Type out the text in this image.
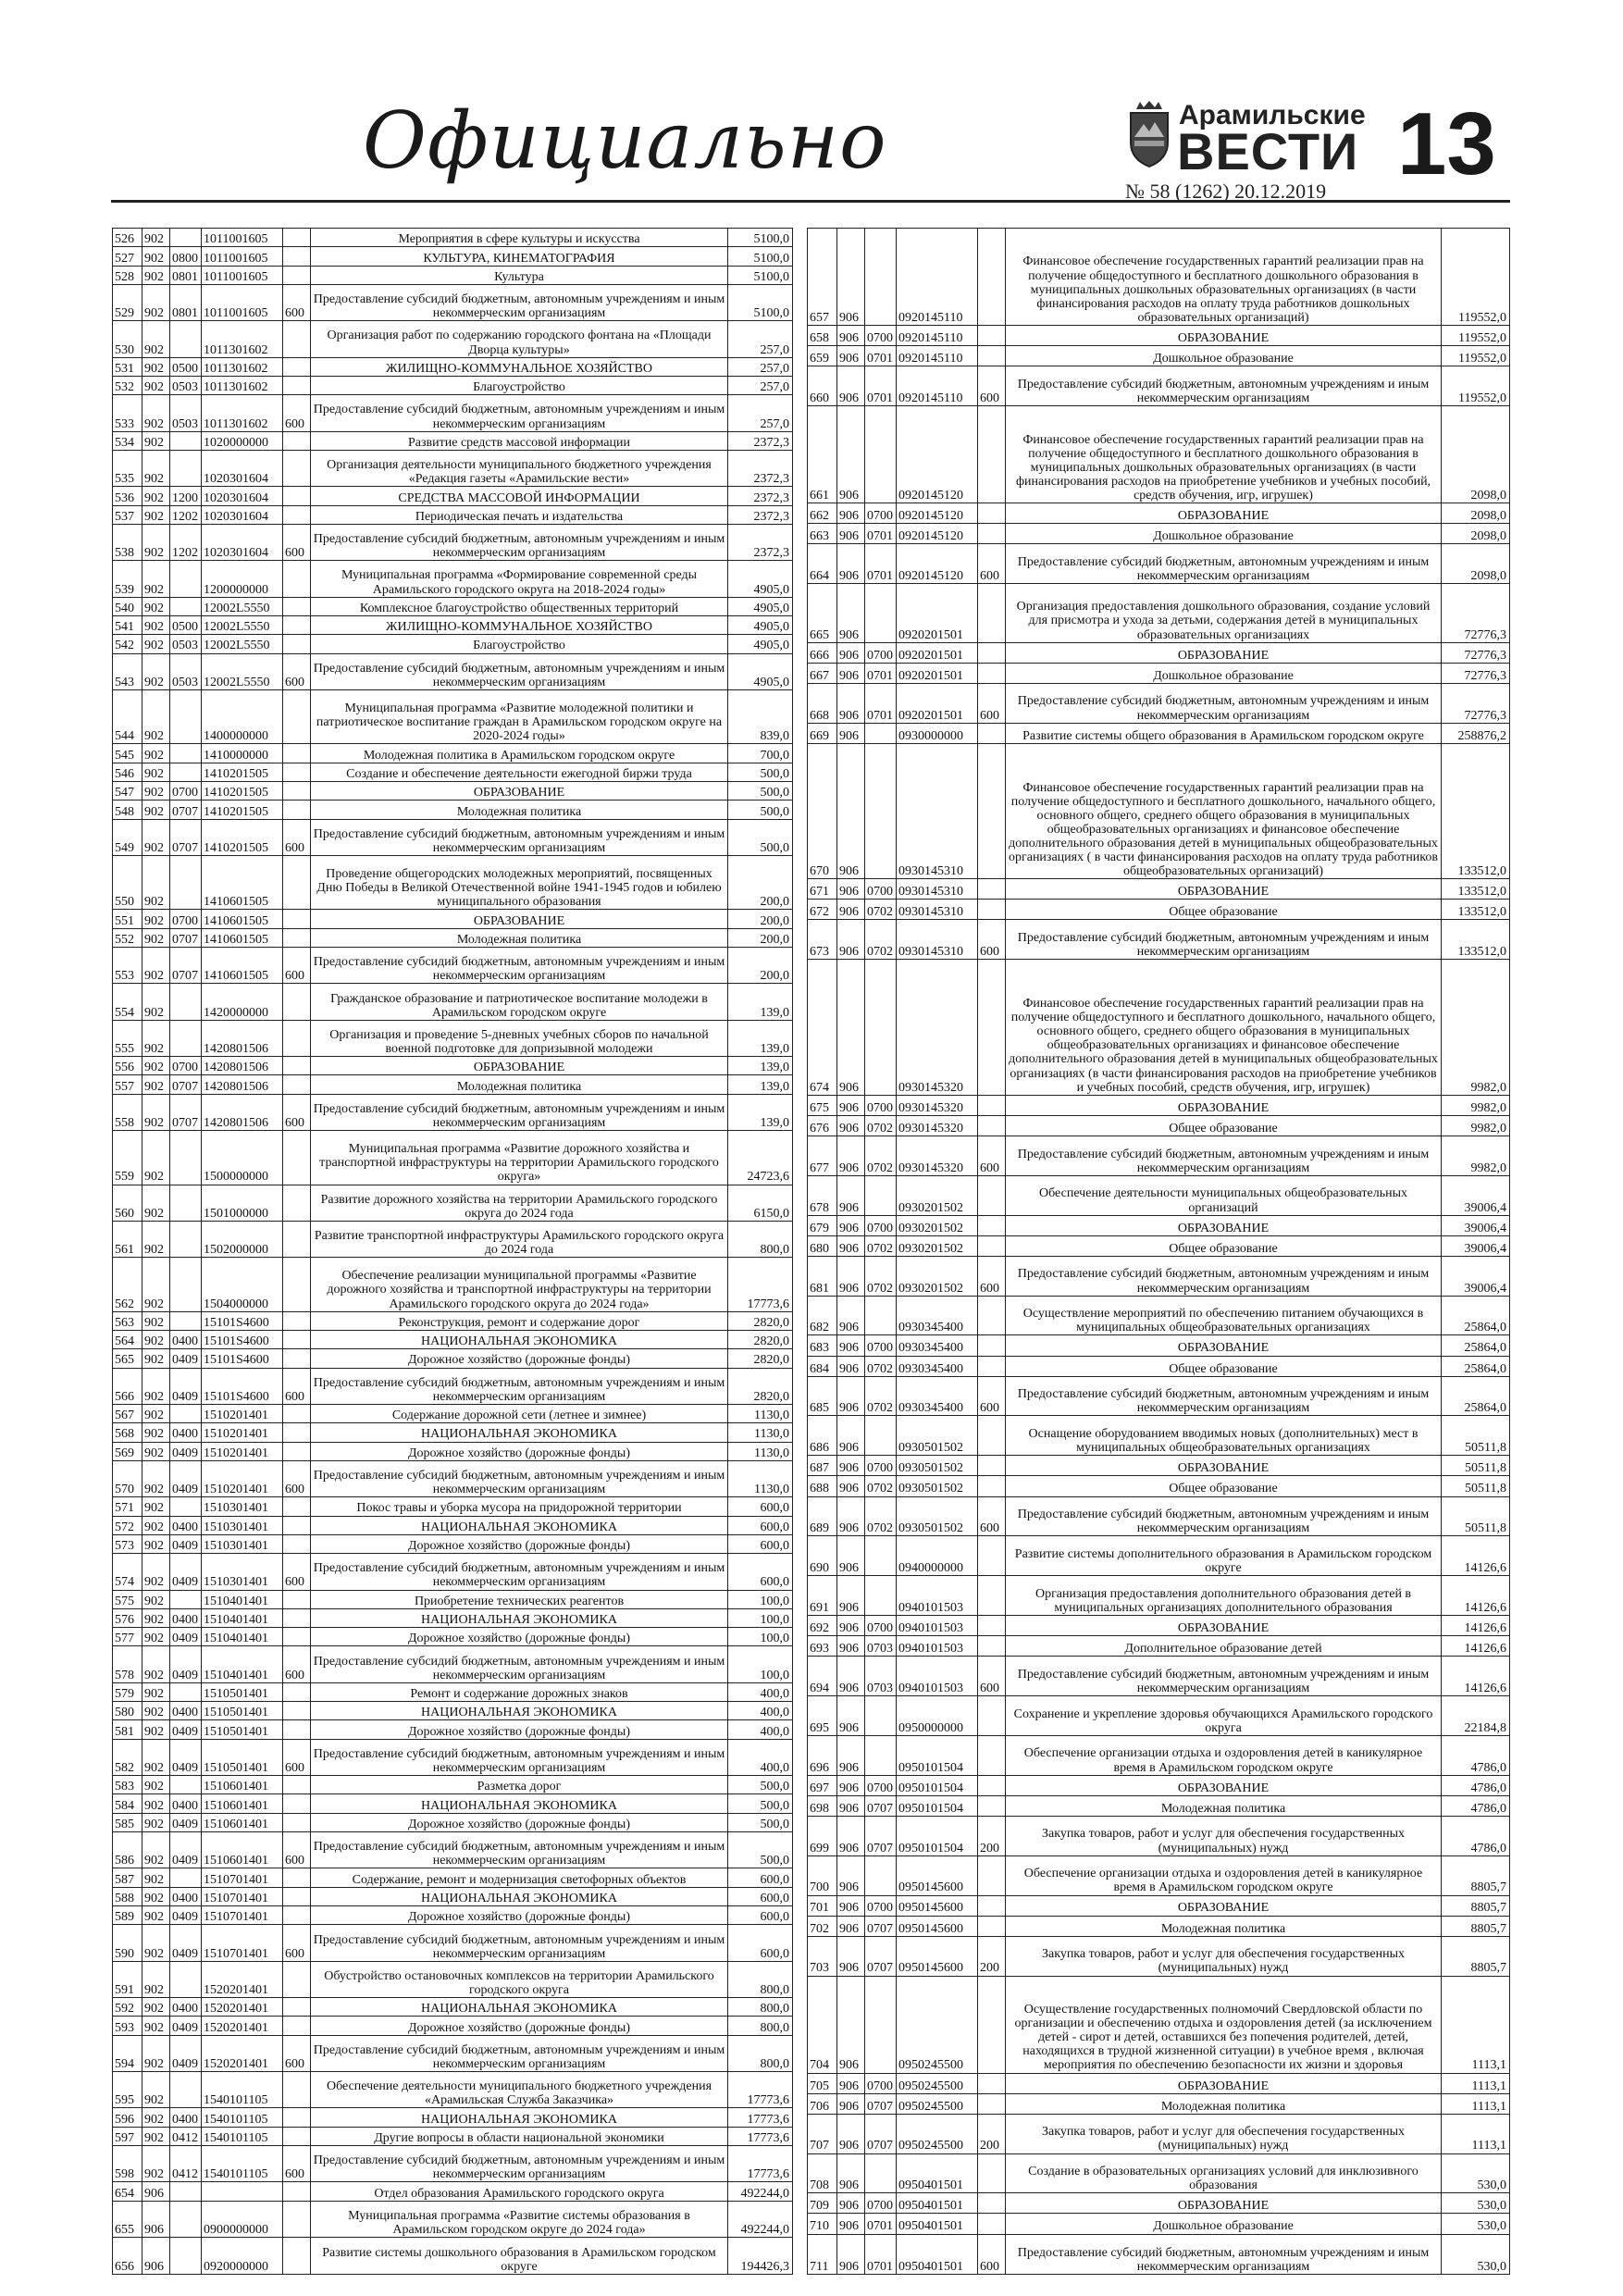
Официально	Арамильские
ВЕСТИ
№ 58 (1262) 20.12.2019 13
526	902		1011001605		Мероприятия в сфере культуры и искусства	5100,0
527	902	0800	1011001605		КУЛЬТУРА, КИНЕМАТОГРАФИЯ	5100,0
528	902	0801	1011001605		Культура	5100,0
529	902	0801	1011001605	600	Предоставление субсидий бюджетным, автономным учреждениям и иным некоммерческим организациям	5100,0
530	902		1011301602		Организация работ по содержанию городского фонтана на «Площади Дворца культуры»	257,0
531	902	0500	1011301602		ЖИЛИЩНО-КОММУНАЛЬНОЕ ХОЗЯЙСТВО	257,0
532	902	0503	1011301602		Благоустройство	257,0
533	902	0503	1011301602	600	Предоставление субсидий бюджетным, автономным учреждениям и иным некоммерческим организациям	257,0
534	902		1020000000		Развитие средств массовой информации	2372,3
535	902		1020301604		Организация деятельности муниципального бюджетного учреждения «Редакция газеты «Арамильские вести»	2372,3
536	902	1200	1020301604		СРЕДСТВА МАССОВОЙ ИНФОРМАЦИИ	2372,3
537	902	1202	1020301604		Периодическая печать и издательства	2372,3
538	902	1202	1020301604	600	Предоставление субсидий бюджетным, автономным учреждениям и иным некоммерческим организациям	2372,3
539	902		1200000000		Муниципальная программа «Формирование современной среды Арамильского городского округа на 2018-2024 годы»	4905,0
540	902		12002L5550		Комплексное благоустройство общественных территорий	4905,0
541	902	0500	12002L5550		ЖИЛИЩНО-КОММУНАЛЬНОЕ ХОЗЯЙСТВО	4905,0
542	902	0503	12002L5550		Благоустройство	4905,0
543	902	0503	12002L5550	600	Предоставление субсидий бюджетным, автономным учреждениям и иным некоммерческим организациям	4905,0
544	902		1400000000		Муниципальная программа «Развитие молодежной политики и патриотическое воспитание граждан в Арамильском городском округе на 2020-2024 годы»	839,0
545	902		1410000000		Молодежная политика в Арамильском городском округе	700,0
546	902		1410201505		Создание и обеспечение деятельности ежегодной биржи труда	500,0
547	902	0700	1410201505		ОБРАЗОВАНИЕ	500,0
548	902	0707	1410201505		Молодежная политика	500,0
549	902	0707	1410201505	600	Предоставление субсидий бюджетным, автономным учреждениям и иным некоммерческим организациям	500,0
550	902		1410601505		Проведение общегородских молодежных мероприятий, посвященных Дню Победы в Великой Отечественной войне 1941-1945 годов и юбилею муниципального образования	200,0
551	902	0700	1410601505		ОБРАЗОВАНИЕ	200,0
552	902	0707	1410601505		Молодежная политика	200,0
553	902	0707	1410601505	600	Предоставление субсидий бюджетным, автономным учреждениям и иным некоммерческим организациям	200,0
554	902		1420000000		Гражданское образование и патриотическое воспитание молодежи в Арамильском городском округе	139,0
555	902		1420801506		Организация и проведение 5-дневных учебных сборов по начальной военной подготовке для допризывной молодежи	139,0
556	902	0700	1420801506		ОБРАЗОВАНИЕ	139,0
557	902	0707	1420801506		Молодежная политика	139,0
558	902	0707	1420801506	600	Предоставление субсидий бюджетным, автономным учреждениям и иным некоммерческим организациям	139,0
559	902		1500000000		Муниципальная программа «Развитие дорожного хозяйства и транспортной инфраструктуры на территории Арамильского городского округа»	24723,6
560	902		1501000000		Развитие дорожного хозяйства на территории Арамильского городского округа до 2024 года	6150,0
561	902		1502000000		Развитие транспортной инфраструктуры Арамильского городского округа до 2024 года	800,0
562	902		1504000000		Обеспечение реализации муниципальной программы «Развитие дорожного хозяйства и транспортной инфраструктуры на территории Арамильского городского округа до 2024 года»	17773,6
563	902		15101S4600		Реконструкция, ремонт и содержание дорог	2820,0
564	902	0400	15101S4600		НАЦИОНАЛЬНАЯ ЭКОНОМИКА	2820,0
565	902	0409	15101S4600		Дорожное хозяйство (дорожные фонды)	2820,0
566	902	0409	15101S4600	600	Предоставление субсидий бюджетным, автономным учреждениям и иным некоммерческим организациям	2820,0
567	902		1510201401		Содержание дорожной сети (летнее и зимнее)	1130,0
568	902	0400	1510201401		НАЦИОНАЛЬНАЯ ЭКОНОМИКА	1130,0
569	902	0409	1510201401		Дорожное хозяйство (дорожные фонды)	1130,0
570	902	0409	1510201401	600	Предоставление субсидий бюджетным, автономным учреждениям и иным некоммерческим организациям	1130,0
571	902		1510301401		Покос травы и уборка мусора на придорожной территории	600,0
572	902	0400	1510301401		НАЦИОНАЛЬНАЯ ЭКОНОМИКА	600,0
573	902	0409	1510301401		Дорожное хозяйство (дорожные фонды)	600,0
574	902	0409	1510301401	600	Предоставление субсидий бюджетным, автономным учреждениям и иным некоммерческим организациям	600,0
575	902		1510401401		Приобретение технических реагентов	100,0
576	902	0400	1510401401		НАЦИОНАЛЬНАЯ ЭКОНОМИКА	100,0
577	902	0409	1510401401		Дорожное хозяйство (дорожные фонды)	100,0
578	902	0409	1510401401	600	Предоставление субсидий бюджетным, автономным учреждениям и иным некоммерческим организациям	100,0
579	902		1510501401		Ремонт и содержание дорожных знаков	400,0
580	902	0400	1510501401		НАЦИОНАЛЬНАЯ ЭКОНОМИКА	400,0
581	902	0409	1510501401		Дорожное хозяйство (дорожные фонды)	400,0
582	902	0409	1510501401	600	Предоставление субсидий бюджетным, автономным учреждениям и иным некоммерческим организациям	400,0
583	902		1510601401		Разметка дорог	500,0
584	902	0400	1510601401		НАЦИОНАЛЬНАЯ ЭКОНОМИКА	500,0
585	902	0409	1510601401		Дорожное хозяйство (дорожные фонды)	500,0
586	902	0409	1510601401	600	Предоставление субсидий бюджетным, автономным учреждениям и иным некоммерческим организациям	500,0
587	902		1510701401		Содержание, ремонт и модернизация светофорных объектов	600,0
588	902	0400	1510701401		НАЦИОНАЛЬНАЯ ЭКОНОМИКА	600,0
589	902	0409	1510701401		Дорожное хозяйство (дорожные фонды)	600,0
590	902	0409	1510701401	600	Предоставление субсидий бюджетным, автономным учреждениям и иным некоммерческим организациям	600,0
591	902		1520201401		Обустройство остановочных комплексов на территории Арамильского городского округа	800,0
592	902	0400	1520201401		НАЦИОНАЛЬНАЯ ЭКОНОМИКА	800,0
593	902	0409	1520201401		Дорожное хозяйство (дорожные фонды)	800,0
594	902	0409	1520201401	600	Предоставление субсидий бюджетным, автономным учреждениям и иным некоммерческим организациям	800,0
595	902		1540101105		Обеспечение деятельности муниципального бюджетного учреждения «Арамильская Служба Заказчика»	17773,6
596	902	0400	1540101105		НАЦИОНАЛЬНАЯ ЭКОНОМИКА	17773,6
597	902	0412	1540101105		Другие вопросы в области национальной экономики	17773,6
598	902	0412	1540101105	600	Предоставление субсидий бюджетным, автономным учреждениям и иным некоммерческим организациям	17773,6
654	906				Отдел образования Арамильского городского округа	492244,0
655	906		0900000000		Муниципальная программа «Развитие системы образования в Арамильском городском округе до 2024 года»	492244,0
656	906		0920000000		Развитие системы дошкольного образования в Арамильском городском округе	194426,3
657	906		0920145110		Финансовое обеспечение государственных гарантий реализации прав на получение общедоступного и бесплатного дошкольного образования в муниципальных дошкольных образовательных организациях (в части финансирования расходов на оплату труда работников дошкольных образовательных организаций)	119552,0
658	906	0700	0920145110		ОБРАЗОВАНИЕ	119552,0
659	906	0701	0920145110		Дошкольное образование	119552,0
660	906	0701	0920145110	600	Предоставление субсидий бюджетным, автономным учреждениям и иным некоммерческим организациям	119552,0
661	906		0920145120		Финансовое обеспечение государственных гарантий реализации прав на получение общедоступного и бесплатного дошкольного образования в муниципальных дошкольных образовательных организациях (в части финансирования расходов на приобретение учебников и учебных пособий, средств обучения, игр, игрушек)	2098,0
662	906	0700	0920145120		ОБРАЗОВАНИЕ	2098,0
663	906	0701	0920145120		Дошкольное образование	2098,0
664	906	0701	0920145120	600	Предоставление субсидий бюджетным, автономным учреждениям и иным некоммерческим организациям	2098,0
665	906		0920201501		Организация предоставления дошкольного образования, создание условий для присмотра и ухода за детьми, содержания детей в муниципальных образовательных организациях	72776,3
666	906	0700	0920201501		ОБРАЗОВАНИЕ	72776,3
667	906	0701	0920201501		Дошкольное образование	72776,3
668	906	0701	0920201501	600	Предоставление субсидий бюджетным, автономным учреждениям и иным некоммерческим организациям	72776,3
669	906		0930000000		Развитие системы общего образования в Арамильском городском округе	258876,2
670	906		0930145310		Финансовое обеспечение государственных гарантий реализации прав на получение общедоступного и бесплатного дошкольного, начального общего, основного общего, среднего общего образования в муниципальных общеобразовательных организациях и финансовое обеспечение дополнительного образования детей в муниципальных общеобразовательных организациях ( в части финансирования расходов на оплату труда работников общеобразовательных организаций)	133512,0
671	906	0700	0930145310		ОБРАЗОВАНИЕ	133512,0
672	906	0702	0930145310		Общее образование	133512,0
673	906	0702	0930145310	600	Предоставление субсидий бюджетным, автономным учреждениям и иным некоммерческим организациям	133512,0
674	906		0930145320		Финансовое обеспечение государственных гарантий реализации прав на получение общедоступного и бесплатного дошкольного, начального общего, основного общего, среднего общего образования в муниципальных общеобразовательных организациях и финансовое обеспечение дополнительного образования детей в муниципальных общеобразовательных организациях (в части финансирования расходов на приобретение учебников и учебных пособий, средств обучения, игр, игрушек)	9982,0
675	906	0700	0930145320		ОБРАЗОВАНИЕ	9982,0
676	906	0702	0930145320		Общее образование	9982,0
677	906	0702	0930145320	600	Предоставление субсидий бюджетным, автономным учреждениям и иным некоммерческим организациям	9982,0
678	906		0930201502		Обеспечение деятельности муниципальных общеобразовательных организаций	39006,4
679	906	0700	0930201502		ОБРАЗОВАНИЕ	39006,4
680	906	0702	0930201502		Общее образование	39006,4
681	906	0702	0930201502	600	Предоставление субсидий бюджетным, автономным учреждениям и иным некоммерческим организациям	39006,4
682	906		0930345400		Осуществление мероприятий по обеспечению питанием обучающихся в муниципальных общеобразовательных организациях	25864,0
683	906	0700	0930345400		ОБРАЗОВАНИЕ	25864,0
684	906	0702	0930345400		Общее образование	25864,0
685	906	0702	0930345400	600	Предоставление субсидий бюджетным, автономным учреждениям и иным некоммерческим организациям	25864,0
686	906		0930501502		Оснащение оборудованием вводимых новых (дополнительных) мест в муниципальных общеобразовательных организациях	50511,8
687	906	0700	0930501502		ОБРАЗОВАНИЕ	50511,8
688	906	0702	0930501502		Общее образование	50511,8
689	906	0702	0930501502	600	Предоставление субсидий бюджетным, автономным учреждениям и иным некоммерческим организациям	50511,8
690	906		0940000000		Развитие системы дополнительного образования в Арамильском городском округе	14126,6
691	906		0940101503		Организация предоставления дополнительного образования детей в муниципальных организациях дополнительного образования	14126,6
692	906	0700	0940101503		ОБРАЗОВАНИЕ	14126,6
693	906	0703	0940101503		Дополнительное образование детей	14126,6
694	906	0703	0940101503	600	Предоставление субсидий бюджетным, автономным учреждениям и иным некоммерческим организациям	14126,6
695	906		0950000000		Сохранение и укрепление здоровья обучающихся Арамильского городского округа	22184,8
696	906		0950101504		Обеспечение организации отдыха и оздоровления детей в каникулярное время в Арамильском городском округе	4786,0
697	906	0700	0950101504		ОБРАЗОВАНИЕ	4786,0
698	906	0707	0950101504		Молодежная политика	4786,0
699	906	0707	0950101504	200	Закупка товаров, работ и услуг для обеспечения государственных (муниципальных) нужд	4786,0
700	906		0950145600		Обеспечение организации отдыха и оздоровления детей в каникулярное время в Арамильском городском округе	8805,7
701	906	0700	0950145600		ОБРАЗОВАНИЕ	8805,7
702	906	0707	0950145600		Молодежная политика	8805,7
703	906	0707	0950145600	200	Закупка товаров, работ и услуг для обеспечения государственных (муниципальных) нужд	8805,7
704	906		0950245500		Осуществление государственных полномочий Свердловской области по организации и обеспечению отдыха и оздоровления детей (за исключением детей - сирот и детей, оставшихся без попечения родителей, детей, находящихся в трудной жизненной ситуации) в учебное время , включая мероприятия по обеспечению безопасности их жизни и здоровья	1113,1
705	906	0700	0950245500		ОБРАЗОВАНИЕ	1113,1
706	906	0707	0950245500		Молодежная политика	1113,1
707	906	0707	0950245500	200	Закупка товаров, работ и услуг для обеспечения государственных (муниципальных) нужд	1113,1
708	906		0950401501		Создание в образовательных организациях условий для инклюзивного образования	530,0
709	906	0700	0950401501		ОБРАЗОВАНИЕ	530,0
710	906	0701	0950401501		Дошкольное образование	530,0
711	906	0701	0950401501	600	Предоставление субсидий бюджетным, автономным учреждениям и иным некоммерческим организациям	530,0
